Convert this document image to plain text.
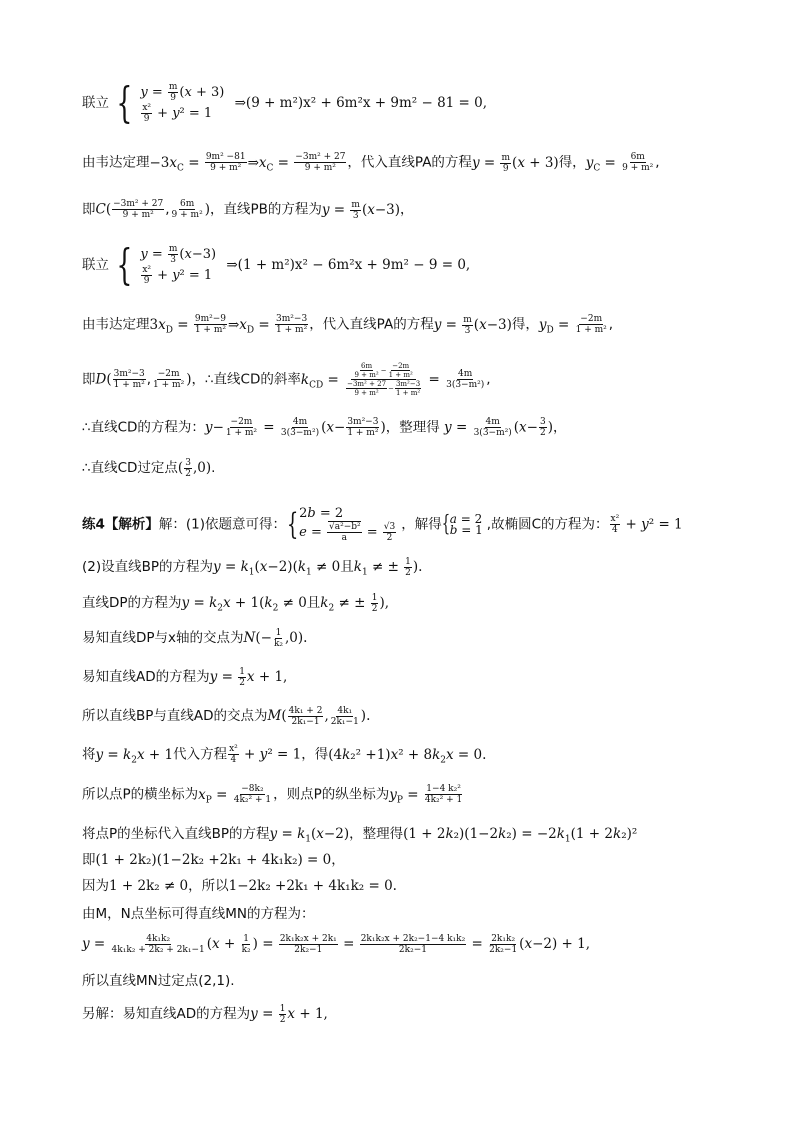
联立 { $y = \frac{m}{9} (x + 3)$
$\frac{\text{x²}}{9} + y^2 = 1$
⇒(9 + m²)x² + 6m²x + 9m² − 81 = 0,
由韦达定理$-3x_C = \frac{\text{9m² −81}}{\text{9 + m²}}$ $\Rightarrow x_C = \frac{\text{−3m² + 27}}{\text{9 + m²}}$ ，代入直线PA的方程$y = \frac{m}{9} (x + 3)$得，$y_C = \frac{6m}{\text{9 + m²}}$ ,
即$C( \frac{\text{−3m² + 27}}{\text{9 + m²}}$ , $\frac{6m}{\text{9 + m²}}$ )，直线PB的方程为$y = \frac{m}{3} (x-3)$，
联立 { $y = \frac{m}{3} (x-3)$
$\frac{\text{x²}}{9} + y^2 = 1$
⇒(1 + m²)x² − 6m²x + 9m² − 9 = 0,
由韦达定理$3x_D = \frac{\text{9m²−9}}{\text{1 + m²}}$ $\Rightarrow x_D = \frac{\text{3m²−3}}{\text{1 + m²}}$ ，代入直线PA的方程$y = \frac{m}{3} (x-3)$得，$y_D = \frac{-2m}{\text{1 + m²}}$ ,
即$D( \frac{\text{3m²−3}}{\text{1 + m²}}$ , $\frac{-2m}{\text{1 + m²}}$ )，∴直线CD的斜率$k_{CD} = \frac{\frac{6m}{\text{9 + m²}} - \frac{-2m}{\text{1 + m²}}}{\frac{\text{−3m² + 27}}{\text{9 + m²}} - \frac{\text{3m²−3}}{\text{1 + m²}}} = \frac{4m}{\text{3(3−m²)}}$ ,
∴直线CD的方程为：$y- \frac{-2m}{\text{1 + m²}} = \frac{4m}{\text{3(3−m²)}} (x- \frac{\text{3m²−3}}{\text{1 + m²}}$ )，整理得 $y = \frac{4m}{\text{3(3−m²)}} (x- \frac{3}{2}$ )，
∴直线CD过定点( $\frac{3}{2} ,0$).
练4【解析】解：(1)依题意可得：{ 2b = 2
$e = \frac{\text{√a²−b²}}{a} = \frac{√3}{2}$ ，解得{ a = 2
b = 1 ,故椭圆C的方程为： $\frac{\text{x²}}{4} + y^2 = 1$
(2)设直线BP的方程为$y = k_1(x-2)(k_1 \ne 0$且$k_1$ ≠ ± $\frac{1}{2}$ ).
直线DP的方程为$y = k_2x + 1(k_2 \ne 0$且$k_2$ ≠ ± $\frac{1}{2}$ ),
易知直线DP与x轴的交点为$N(- \frac{1}{\text{k₂}} ,0)$.
易知直线AD的方程为$y = \frac{1}{2}$ x + 1,
所以直线BP与直线AD的交点为$M( \frac{\text{4k₁ + 2}}{\text{2k₁−1}}$ , $\frac{\text{4k₁}}{\text{2k₁−1}}$ ).
将$y = k_2x + 1$代入方程 $\frac{\text{x²}}{4} + y^2 = 1$，得$(4k_2^2 +1)x^2 + 8k_2x = 0$.
所以点P的横坐标为$x_P = \frac{\text{−8k₂}}{\text{4k₂² + 1}}$ ，则点P的纵坐标为$y_P = \frac{\text{1−4 k₂²}}{\text{4k₂² + 1}}$
将点P的坐标代入直线BP的方程$y = k_1(x-2)$，整理得$(1 + 2k_2)(1-2k_2) = -2k_1(1 + 2k_2)^2$
即(1 + 2k₂)(1−2k₂ +2k₁ + 4k₁k₂) = 0，
因为1 + 2k₂ ≠ 0，所以1−2k₂ +2k₁ + 4k₁k₂ = 0.
由M，N点坐标可得直线MN的方程为：
$y = \frac{\text{4k₁k₂}}{\text{4k₁k₂ + 2k₂ + 2k₁−1}} (x + \frac{1}{\text{k₂}}$ ) = $\frac{\text{2k₁k₂x + 2k₁}}{\text{2k₂−1}} = \frac{\text{2k₁k₂x + 2k₂−1−4 k₁k₂}}{\text{2k₂−1}} = \frac{\text{2k₁k₂}}{\text{2k₂−1}} (x-2) + 1$,
所以直线MN过定点(2,1).
另解：易知直线AD的方程为$y = \frac{1}{2}$ x + 1,
